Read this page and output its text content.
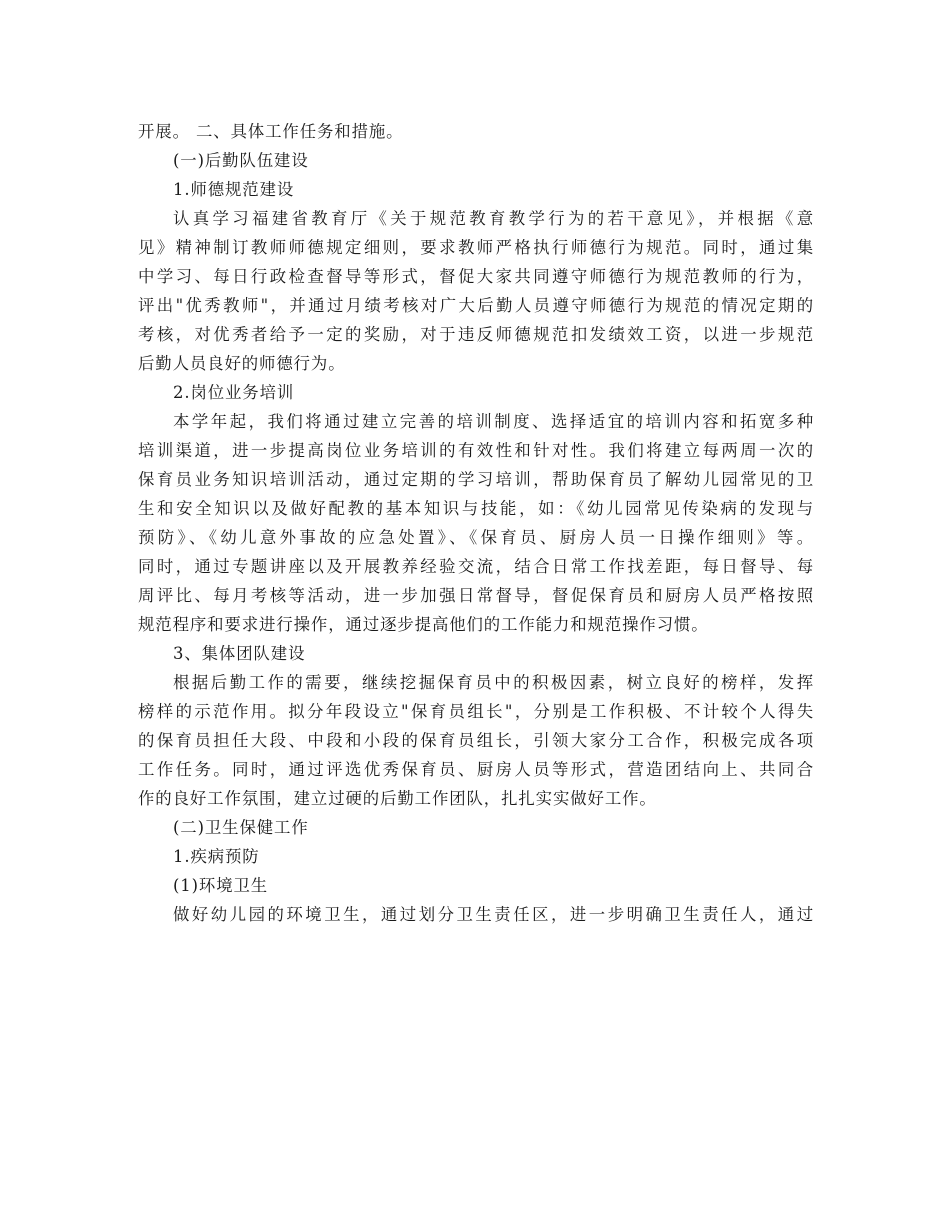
开展。 二、具体工作任务和措施。
(一)后勤队伍建设
1.师德规范建设
认真学习福建省教育厅《关于规范教育教学行为的若干意见》，并根据《意
见》精神制订教师师德规定细则，要求教师严格执行师德行为规范。同时，通过集
中学习、每日行政检查督导等形式，督促大家共同遵守师德行为规范教师的行为，
评出"优秀教师"，并通过月绩考核对广大后勤人员遵守师德行为规范的情况定期的
考核，对优秀者给予一定的奖励，对于违反师德规范扣发绩效工资，以进一步规范
后勤人员良好的师德行为。
2.岗位业务培训
本学年起，我们将通过建立完善的培训制度、选择适宜的培训内容和拓宽多种
培训渠道，进一步提高岗位业务培训的有效性和针对性。我们将建立每两周一次的
保育员业务知识培训活动，通过定期的学习培训，帮助保育员了解幼儿园常见的卫
生和安全知识以及做好配教的基本知识与技能，如：《幼儿园常见传染病的发现与
预防》、《幼儿意外事故的应急处置》、《保育员、厨房人员一日操作细则》等。
同时，通过专题讲座以及开展教养经验交流，结合日常工作找差距，每日督导、每
周评比、每月考核等活动，进一步加强日常督导，督促保育员和厨房人员严格按照
规范程序和要求进行操作，通过逐步提高他们的工作能力和规范操作习惯。
3、集体团队建设
根据后勤工作的需要，继续挖掘保育员中的积极因素，树立良好的榜样，发挥
榜样的示范作用。拟分年段设立"保育员组长"，分别是工作积极、不计较个人得失
的保育员担任大段、中段和小段的保育员组长，引领大家分工合作，积极完成各项
工作任务。同时，通过评选优秀保育员、厨房人员等形式，营造团结向上、共同合
作的良好工作氛围，建立过硬的后勤工作团队，扎扎实实做好工作。
(二)卫生保健工作
1.疾病预防
(1)环境卫生
做好幼儿园的环境卫生，通过划分卫生责任区，进一步明确卫生责任人，通过
